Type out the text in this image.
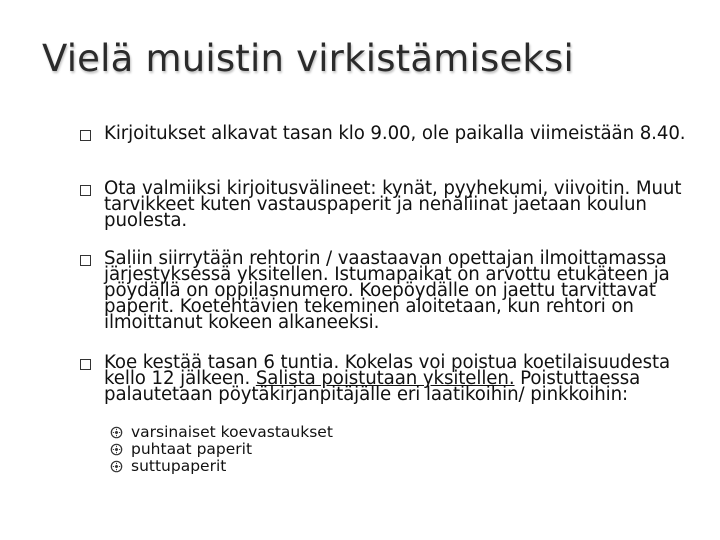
Vielä muistin virkistämiseksi
Kirjoitukset alkavat tasan klo 9.00, ole paikalla viimeistään 8.40.
Ota valmiiksi kirjoitusvälineet: kynät, pyyhekumi, viivoitin. Muut tarvikkeet kuten vastauspaperit ja nenäliinat jaetaan koulun puolesta.
Saliin siirrytään rehtorin / vaastaavan opettajan ilmoittamassa järjestyksessä yksitellen. Istumapaikat on arvottu etukäteen ja pöydällä on oppilasnumero. Koepöydälle on jaettu tarvittavat paperit. Koetehtävien tekeminen aloitetaan, kun rehtori on ilmoittanut kokeen alkaneeksi.
Koe kestää tasan 6 tuntia. Kokelas voi poistua koetilaisuudesta kello 12 jälkeen. Salista poistutaan yksitellen. Poistuttaessa palautetaan pöytäkirjanpitäjälle eri laatikoihin/ pinkkoihin:
varsinaiset koevastaukset
puhtaat paperit
suttupaperit
